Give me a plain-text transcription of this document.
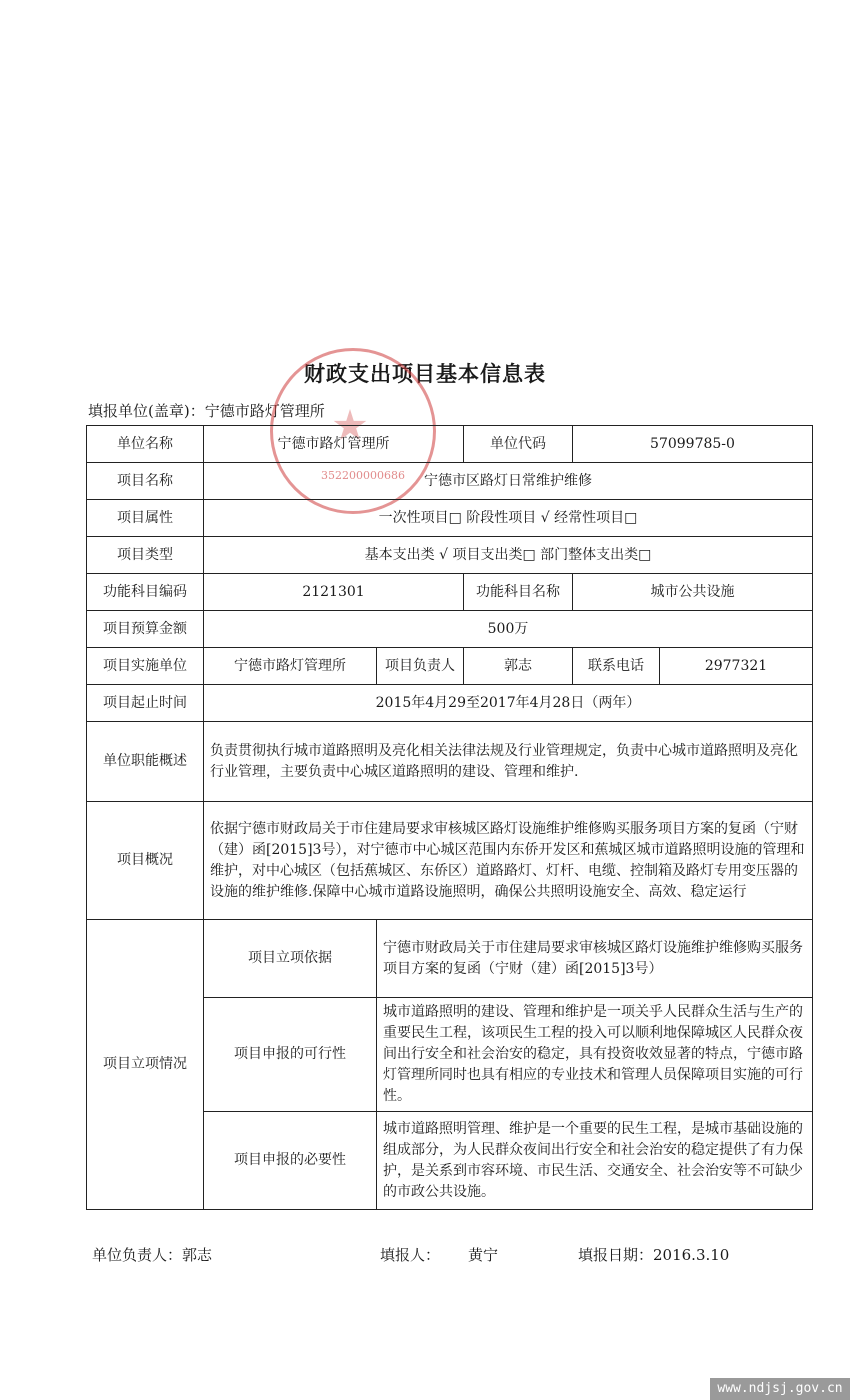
财政支出项目基本信息表
填报单位(盖章)：宁德市路灯管理所
352200000686
单位名称	宁德市路灯管理所		单位代码	57099785-0	
项目名称	宁德市区路灯日常维护维修				
项目属性	一次性项目□ 阶段性项目 √ 经常性项目□				
项目类型	基本支出类 √ 项目支出类□ 部门整体支出类□				
功能科目编码	2121301		功能科目名称	城市公共设施	
项目预算金额	500万				
项目实施单位	宁德市路灯管理所	项目负责人	郭志	联系电话	2977321
项目起止时间	2015年4月29至2017年4月28日（两年）				
单位职能概述	负责贯彻执行城市道路照明及亮化相关法律法规及行业管理规定，负责中心城市道路照明及亮化行业管理，主要负责中心城区道路照明的建设、管理和维护.				
项目概况	依据宁德市财政局关于市住建局要求审核城区路灯设施维护维修购买服务项目方案的复函（宁财（建）函[2015]3号），对宁德市中心城区范围内东侨开发区和蕉城区城市道路照明设施的管理和维护，对中心城区（包括蕉城区、东侨区）道路路灯、灯杆、电缆、控制箱及路灯专用变压器的设施的维护维修.保障中心城市道路设施照明，确保公共照明设施安全、高效、稳定运行				
项目立项情况	项目立项依据	宁德市财政局关于市住建局要求审核城区路灯设施维护维修购买服务项目方案的复函（宁财（建）函[2015]3号）			
	项目申报的可行性	城市道路照明的建设、管理和维护是一项关乎人民群众生活与生产的重要民生工程，该项民生工程的投入可以顺利地保障城区人民群众夜间出行安全和社会治安的稳定，具有投资收效显著的特点，宁德市路灯管理所同时也具有相应的专业技术和管理人员保障项目实施的可行性。			
	项目申报的必要性	城市道路照明管理、维护是一个重要的民生工程，是城市基础设施的组成部分，为人民群众夜间出行安全和社会治安的稳定提供了有力保护，是关系到市容环境、市民生活、交通安全、社会治安等不可缺少的市政公共设施。			
单位负责人：郭志	填报人： 黄宁	填报日期：2016.3.10
www.ndjsj.gov.cn
